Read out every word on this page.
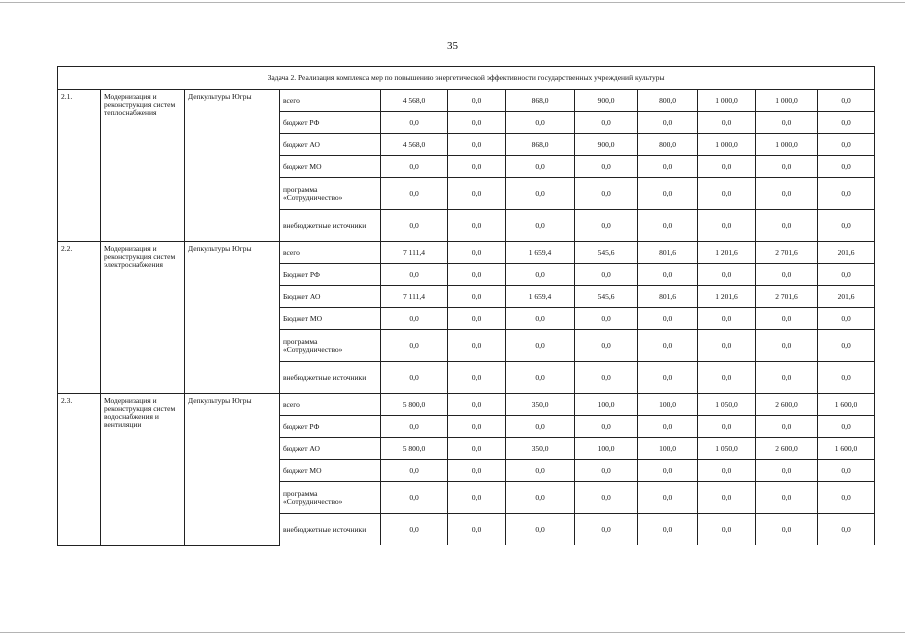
35
Задача 2. Реализация комплекса мер по повышению энергетической эффективности государственных учреждений культуры											
2.1.	Модернизация и реконструкция систем теплоснабжения	Депкультуры Югры	всего	4 568,0	0,0	868,0	900,0	800,0	1 000,0	1 000,0	0,0
			бюджет РФ	0,0	0,0	0,0	0,0	0,0	0,0	0,0	0,0
			бюджет АО	4 568,0	0,0	868,0	900,0	800,0	1 000,0	1 000,0	0,0
			бюджет МО	0,0	0,0	0,0	0,0	0,0	0,0	0,0	0,0
			программа «Сотрудничество»	0,0	0,0	0,0	0,0	0,0	0,0	0,0	0,0
			внебюджетные источники	0,0	0,0	0,0	0,0	0,0	0,0	0,0	0,0
2.2.	Модернизация и реконструкция систем электроснабжения	Депкультуры Югры	всего	7 111,4	0,0	1 659,4	545,6	801,6	1 201,6	2 701,6	201,6
			Бюджет РФ	0,0	0,0	0,0	0,0	0,0	0,0	0,0	0,0
			Бюджет АО	7 111,4	0,0	1 659,4	545,6	801,6	1 201,6	2 701,6	201,6
			Бюджет МО	0,0	0,0	0,0	0,0	0,0	0,0	0,0	0,0
			программа «Сотрудничество»	0,0	0,0	0,0	0,0	0,0	0,0	0,0	0,0
			внебюджетные источники	0,0	0,0	0,0	0,0	0,0	0,0	0,0	0,0
2.3.	Модернизация и реконструкция систем водоснабжения и вентиляции	Депкультуры Югры	всего	5 800,0	0,0	350,0	100,0	100,0	1 050,0	2 600,0	1 600,0
			бюджет РФ	0,0	0,0	0,0	0,0	0,0	0,0	0,0	0,0
			бюджет АО	5 800,0	0,0	350,0	100,0	100,0	1 050,0	2 600,0	1 600,0
			бюджет МО	0,0	0,0	0,0	0,0	0,0	0,0	0,0	0,0
			программа «Сотрудничество»	0,0	0,0	0,0	0,0	0,0	0,0	0,0	0,0
			внебюджетные источники	0,0	0,0	0,0	0,0	0,0	0,0	0,0	0,0
